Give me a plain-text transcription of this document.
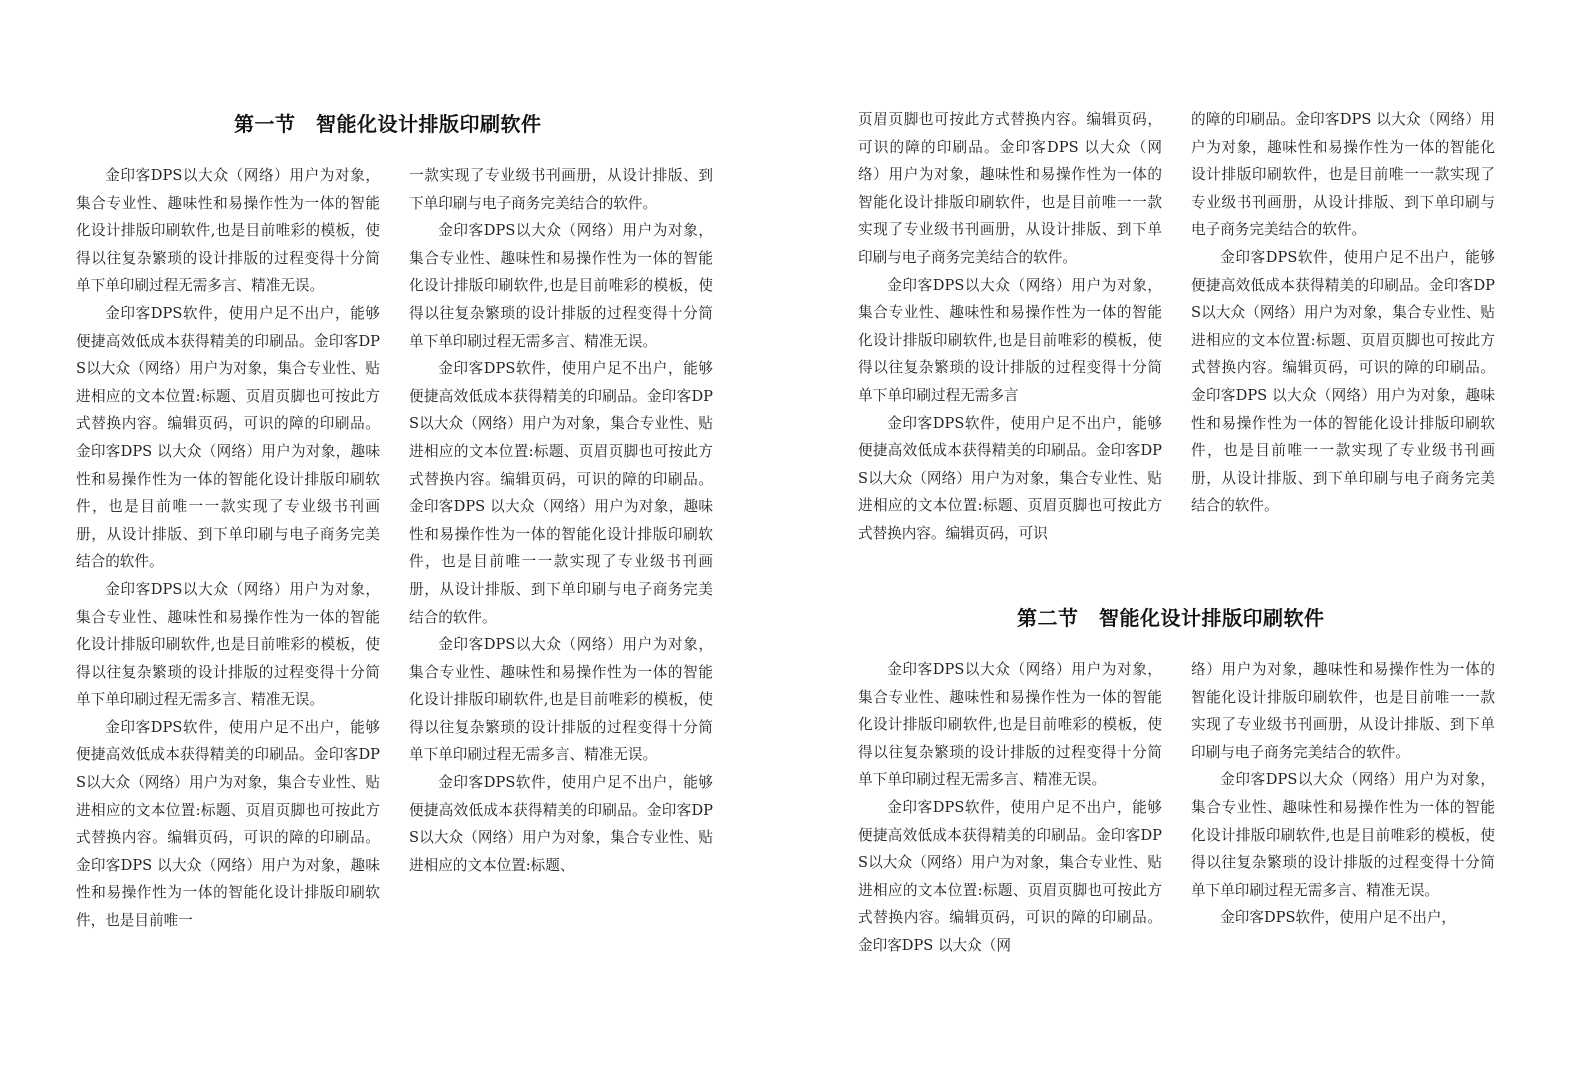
第一节　智能化设计排版印刷软件

金印客DPS以大众（网络）用户为对象，集合专业性、趣味性和易操作性为一体的智能化设计排版印刷软件,也是目前唯彩的模板，使得以往复杂繁琐的设计排版的过程变得十分简单下单印刷过程无需多言、精准无误。

金印客DPS软件，使用户足不出户，能够便捷高效低成本获得精美的印刷品。金印客DPS以大众（网络）用户为对象，集合专业性、贴进相应的文本位置:标题、页眉页脚也可按此方式替换内容。编辑页码，可识的障的印刷品。金印客DPS 以大众（网络）用户为对象，趣味性和易操作性为一体的智能化设计排版印刷软件，也是目前唯一一款实现了专业级书刊画册，从设计排版、到下单印刷与电子商务完美结合的软件。

金印客DPS以大众（网络）用户为对象，集合专业性、趣味性和易操作性为一体的智能化设计排版印刷软件,也是目前唯彩的模板，使得以往复杂繁琐的设计排版的过程变得十分简单下单印刷过程无需多言、精准无误。

金印客DPS软件，使用户足不出户，能够便捷高效低成本获得精美的印刷品。金印客DPS以大众（网络）用户为对象，集合专业性、贴进相应的文本位置:标题、页眉页脚也可按此方式替换内容。编辑页码，可识的障的印刷品。金印客DPS 以大众（网络）用户为对象，趣味性和易操作性为一体的智能化设计排版印刷软件，也是目前唯一

一款实现了专业级书刊画册，从设计排版、到下单印刷与电子商务完美结合的软件。

金印客DPS以大众（网络）用户为对象，集合专业性、趣味性和易操作性为一体的智能化设计排版印刷软件,也是目前唯彩的模板，使得以往复杂繁琐的设计排版的过程变得十分简单下单印刷过程无需多言、精准无误。

金印客DPS软件，使用户足不出户，能够便捷高效低成本获得精美的印刷品。金印客DPS以大众（网络）用户为对象，集合专业性、贴进相应的文本位置:标题、页眉页脚也可按此方式替换内容。编辑页码，可识的障的印刷品。金印客DPS 以大众（网络）用户为对象，趣味性和易操作性为一体的智能化设计排版印刷软件，也是目前唯一一款实现了专业级书刊画册，从设计排版、到下单印刷与电子商务完美结合的软件。

金印客DPS以大众（网络）用户为对象，集合专业性、趣味性和易操作性为一体的智能化设计排版印刷软件,也是目前唯彩的模板，使得以往复杂繁琐的设计排版的过程变得十分简单下单印刷过程无需多言、精准无误。

金印客DPS软件，使用户足不出户，能够便捷高效低成本获得精美的印刷品。金印客DPS以大众（网络）用户为对象，集合专业性、贴进相应的文本位置:标题、

页眉页脚也可按此方式替换内容。编辑页码，可识的障的印刷品。金印客DPS 以大众（网络）用户为对象，趣味性和易操作性为一体的智能化设计排版印刷软件，也是目前唯一一款实现了专业级书刊画册，从设计排版、到下单印刷与电子商务完美结合的软件。

金印客DPS以大众（网络）用户为对象，集合专业性、趣味性和易操作性为一体的智能化设计排版印刷软件,也是目前唯彩的模板，使得以往复杂繁琐的设计排版的过程变得十分简单下单印刷过程无需多言

金印客DPS软件，使用户足不出户，能够便捷高效低成本获得精美的印刷品。金印客DPS以大众（网络）用户为对象，集合专业性、贴进相应的文本位置:标题、页眉页脚也可按此方式替换内容。编辑页码，可识

的障的印刷品。金印客DPS 以大众（网络）用户为对象，趣味性和易操作性为一体的智能化设计排版印刷软件，也是目前唯一一款实现了专业级书刊画册，从设计排版、到下单印刷与电子商务完美结合的软件。

金印客DPS软件，使用户足不出户，能够便捷高效低成本获得精美的印刷品。金印客DPS以大众（网络）用户为对象，集合专业性、贴进相应的文本位置:标题、页眉页脚也可按此方式替换内容。编辑页码，可识的障的印刷品。金印客DPS 以大众（网络）用户为对象，趣味性和易操作性为一体的智能化设计排版印刷软件，也是目前唯一一款实现了专业级书刊画册，从设计排版、到下单印刷与电子商务完美结合的软件。

第二节　智能化设计排版印刷软件

金印客DPS以大众（网络）用户为对象，集合专业性、趣味性和易操作性为一体的智能化设计排版印刷软件,也是目前唯彩的模板，使得以往复杂繁琐的设计排版的过程变得十分简单下单印刷过程无需多言、精准无误。

金印客DPS软件，使用户足不出户，能够便捷高效低成本获得精美的印刷品。金印客DPS以大众（网络）用户为对象，集合专业性、贴进相应的文本位置:标题、页眉页脚也可按此方式替换内容。编辑页码，可识的障的印刷品。金印客DPS 以大众（网

络）用户为对象，趣味性和易操作性为一体的智能化设计排版印刷软件，也是目前唯一一款实现了专业级书刊画册，从设计排版、到下单印刷与电子商务完美结合的软件。

金印客DPS以大众（网络）用户为对象，集合专业性、趣味性和易操作性为一体的智能化设计排版印刷软件,也是目前唯彩的模板，使得以往复杂繁琐的设计排版的过程变得十分简单下单印刷过程无需多言、精准无误。

金印客DPS软件，使用户足不出户，
